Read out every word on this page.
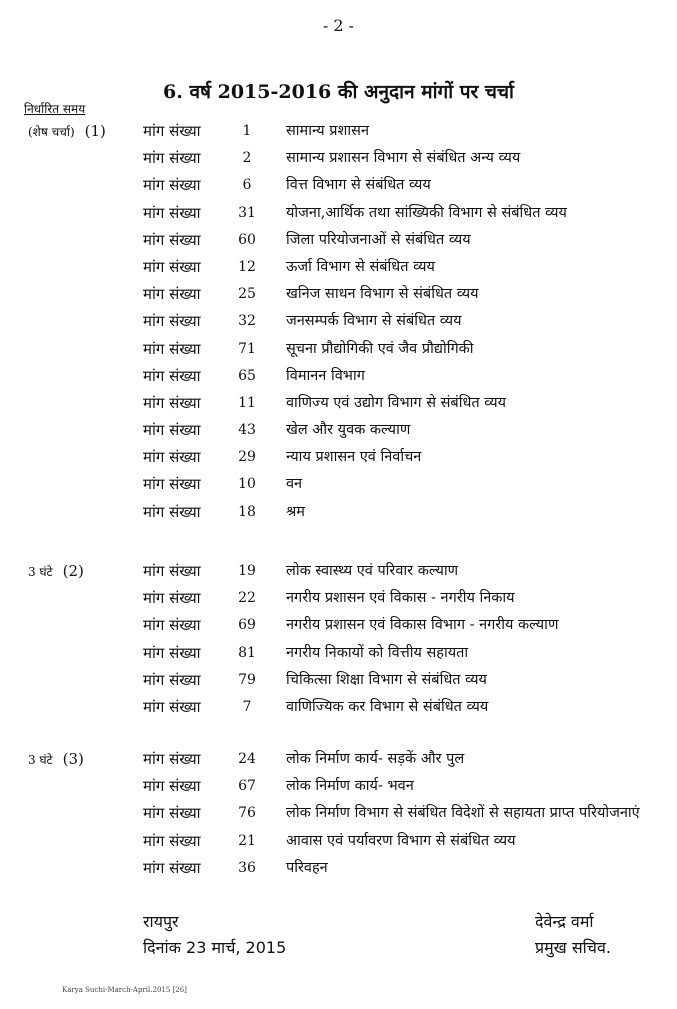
- 2 -
6. वर्ष 2015-2016 की अनुदान मांगों पर चर्चा
निर्धारित समय
(शेष चर्चा) (1) मांग संख्या	1	सामान्य प्रशासन
मांग संख्या	2	सामान्य प्रशासन विभाग से संबंधित अन्य व्यय
मांग संख्या	6	वित्त विभाग से संबंधित व्यय
मांग संख्या	31	योजना,आर्थिक तथा सांख्यिकी विभाग से संबंधित व्यय
मांग संख्या	60	जिला परियोजनाओं से संबंधित व्यय
मांग संख्या	12	ऊर्जा विभाग से संबंधित व्यय
मांग संख्या	25	खनिज साधन विभाग से संबंधित व्यय
मांग संख्या	32	जनसम्पर्क विभाग से संबंधित व्यय
मांग संख्या	71	सूचना प्रौद्योगिकी एवं जैव प्रौद्योगिकी
मांग संख्या	65	विमानन विभाग
मांग संख्या	11	वाणिज्य एवं उद्योग विभाग से संबंधित व्यय
मांग संख्या	43	खेल और युवक कल्याण
मांग संख्या	29	न्याय प्रशासन एवं निर्वाचन
मांग संख्या	10	वन
मांग संख्या	18	श्रम
3 घंटे (2)	मांग संख्या	19	लोक स्वास्थ्य एवं परिवार कल्याण
मांग संख्या	22	नगरीय प्रशासन एवं विकास - नगरीय निकाय
मांग संख्या	69	नगरीय प्रशासन एवं विकास विभाग - नगरीय कल्याण
मांग संख्या	81	नगरीय निकायों को वित्तीय सहायता
मांग संख्या	79	चिकित्सा शिक्षा विभाग से संबंधित व्यय
मांग संख्या	7	वाणिज्यिक कर विभाग से संबंधित व्यय
3 घंटे (3)	मांग संख्या	24	लोक निर्माण कार्य- सड़कें और पुल
मांग संख्या	67	लोक निर्माण कार्य- भवन
मांग संख्या	76	लोक निर्माण विभाग से संबंधित विदेशों से सहायता प्राप्त परियोजनाएं
मांग संख्या	21	आवास एवं पर्यावरण विभाग से संबंधित व्यय
मांग संख्या	36	परिवहन
रायपुर
दिनांक 23 मार्च, 2015
देवेन्द्र वर्मा
प्रमुख सचिव.
Karya Suchi-March-April.2015 [26]
